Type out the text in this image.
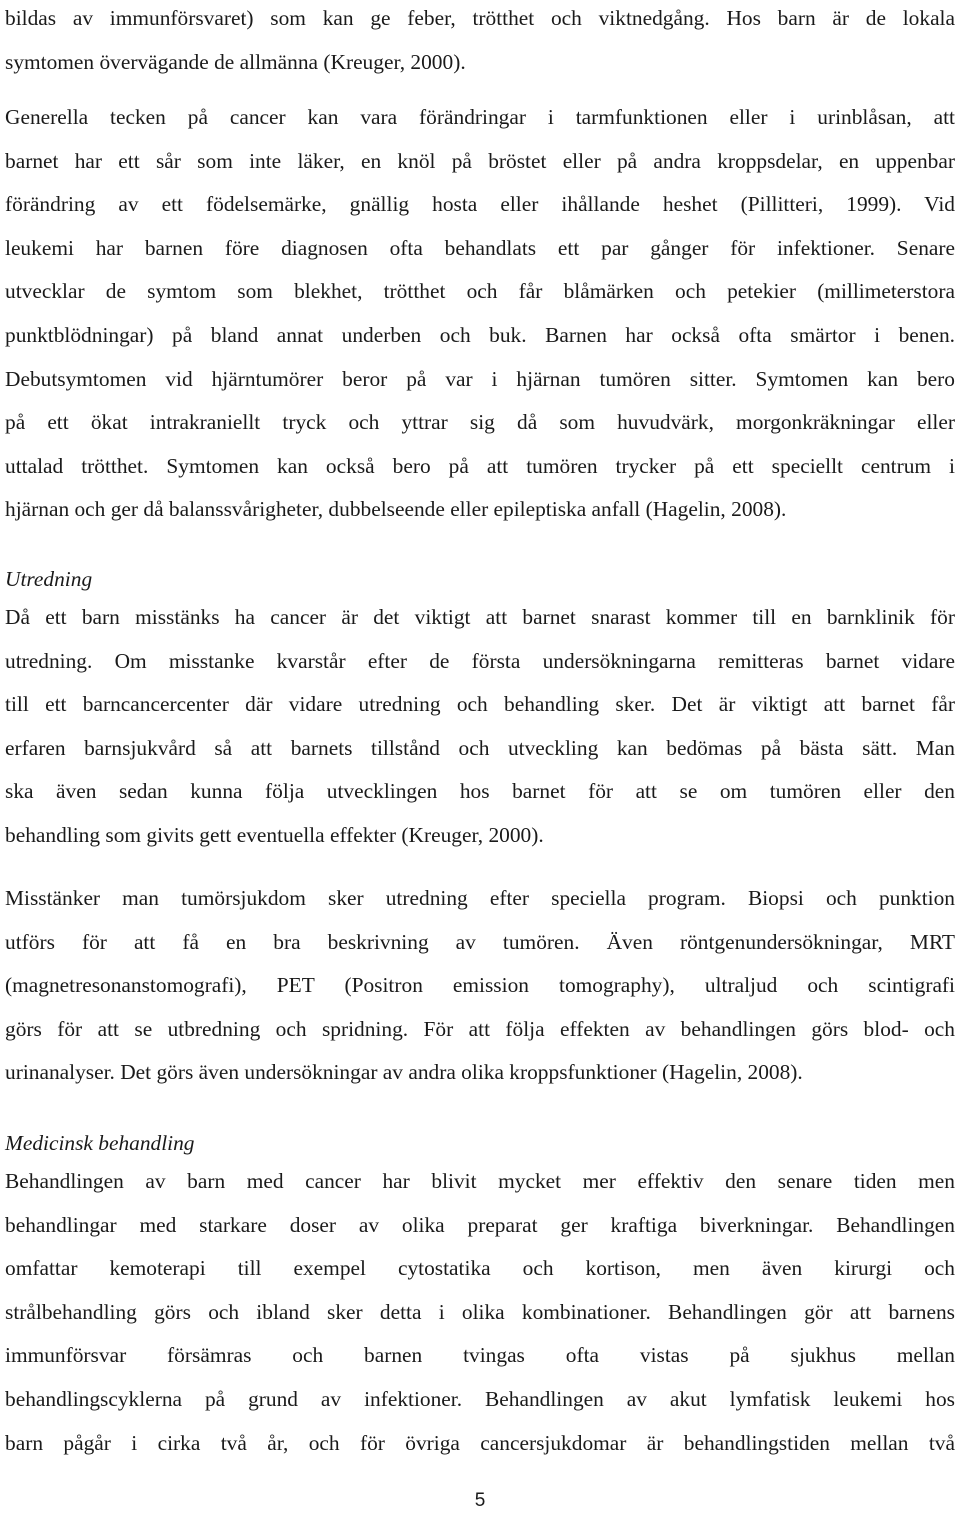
bildas av immunförsvaret) som kan ge feber, trötthet och viktnedgång. Hos barn är de lokala
symtomen övervägande de allmänna (Kreuger, 2000).
Generella tecken på cancer kan vara förändringar i tarmfunktionen eller i urinblåsan, att
barnet har ett sår som inte läker, en knöl på bröstet eller på andra kroppsdelar, en uppenbar
förändring av ett födelsemärke, gnällig hosta eller ihållande heshet (Pillitteri, 1999). Vid
leukemi har barnen före diagnosen ofta behandlats ett par gånger för infektioner. Senare
utvecklar de symtom som blekhet, trötthet och får blåmärken och petekier (millimeterstora
punktblödningar) på bland annat underben och buk. Barnen har också ofta smärtor i benen.
Debutsymtomen vid hjärntumörer beror på var i hjärnan tumören sitter. Symtomen kan bero
på ett ökat intrakraniellt tryck och yttrar sig då som huvudvärk, morgonkräkningar eller
uttalad trötthet. Symtomen kan också bero på att tumören trycker på ett speciellt centrum i
hjärnan och ger då balanssvårigheter, dubbelseende eller epileptiska anfall (Hagelin, 2008).
Utredning
Då ett barn misstänks ha cancer är det viktigt att barnet snarast kommer till en barnklinik för
utredning. Om misstanke kvarstår efter de första undersökningarna remitteras barnet vidare
till ett barncancercenter där vidare utredning och behandling sker. Det är viktigt att barnet får
erfaren barnsjukvård så att barnets tillstånd och utveckling kan bedömas på bästa sätt. Man
ska även sedan kunna följa utvecklingen hos barnet för att se om tumören eller den
behandling som givits gett eventuella effekter (Kreuger, 2000).
Misstänker man tumörsjukdom sker utredning efter speciella program. Biopsi och punktion
utförs för att få en bra beskrivning av tumören. Även röntgenundersökningar, MRT
(magnetresonanstomografi), PET (Positron emission tomography), ultraljud och scintigrafi
görs för att se utbredning och spridning. För att följa effekten av behandlingen görs blod- och
urinanalyser. Det görs även undersökningar av andra olika kroppsfunktioner (Hagelin, 2008).
Medicinsk behandling
Behandlingen av barn med cancer har blivit mycket mer effektiv den senare tiden men
behandlingar med starkare doser av olika preparat ger kraftiga biverkningar. Behandlingen
omfattar kemoterapi till exempel cytostatika och kortison, men även kirurgi och
strålbehandling görs och ibland sker detta i olika kombinationer. Behandlingen gör att barnens
immunförsvar försämras och barnen tvingas ofta vistas på sjukhus mellan
behandlingscyklerna på grund av infektioner. Behandlingen av akut lymfatisk leukemi hos
barn pågår i cirka två år, och för övriga cancersjukdomar är behandlingstiden mellan två
5
